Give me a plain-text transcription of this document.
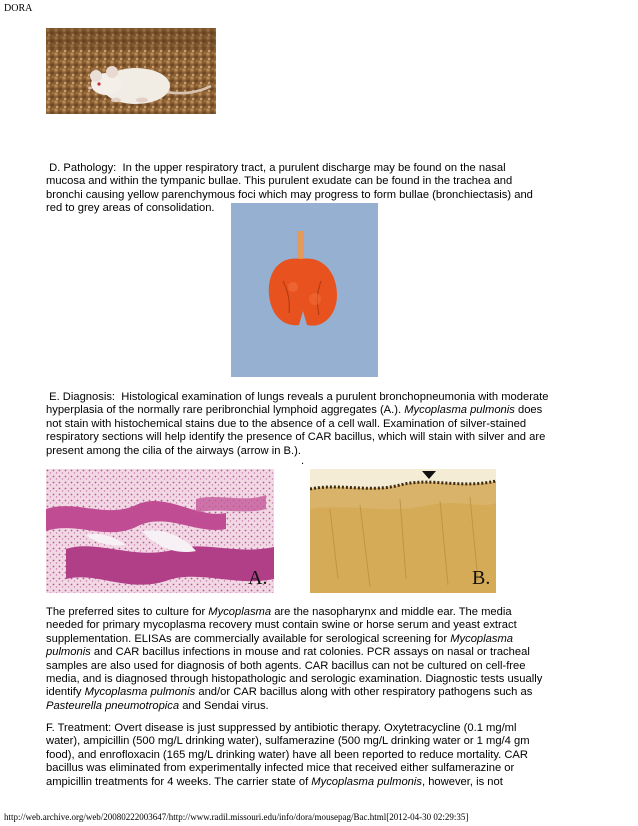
DORA
D. Pathology: In the upper respiratory tract, a purulent discharge may be found on the nasal
mucosa and within the tympanic bullae. This purulent exudate can be found in the trachea and
bronchi causing yellow parenchymous foci which may progress to form bullae (bronchiectasis) and
red to grey areas of consolidation.
E. Diagnosis: Histological examination of lungs reveals a purulent bronchopneumonia with moderate
hyperplasia of the normally rare peribronchial lymphoid aggregates (A.). Mycoplasma pulmonis does
not stain with histochemical stains due to the absence of a cell wall. Examination of silver-stained
respiratory sections will help identify the presence of CAR bacillus, which will stain with silver and are
present among the cilia of the airways (arrow in B.).
.
A.	B.
The preferred sites to culture for Mycoplasma are the nasopharynx and middle ear. The media
needed for primary mycoplasma recovery must contain swine or horse serum and yeast extract
supplementation. ELISAs are commercially available for serological screening for Mycoplasma
pulmonis and CAR bacillus infections in mouse and rat colonies. PCR assays on nasal or tracheal
samples are also used for diagnosis of both agents. CAR bacillus can not be cultured on cell-free
media, and is diagnosed through histopathologic and serologic examination. Diagnostic tests usually
identify Mycoplasma pulmonis and/or CAR bacillus along with other respiratory pathogens such as
Pasteurella pneumotropica and Sendai virus.
F. Treatment: Overt disease is just suppressed by antibiotic therapy. Oxytetracycline (0.1 mg/ml
water), ampicillin (500 mg/L drinking water), sulfamerazine (500 mg/L drinking water or 1 mg/4 gm
food), and enrofloxacin (165 mg/L drinking water) have all been reported to reduce mortality. CAR
bacillus was eliminated from experimentally infected mice that received either sulfamerazine or
ampicillin treatments for 4 weeks. The carrier state of Mycoplasma pulmonis, however, is not
http://web.archive.org/web/20080222003647/http://www.radil.missouri.edu/info/dora/mousepag/Bac.html[2012-04-30 02:29:35]
